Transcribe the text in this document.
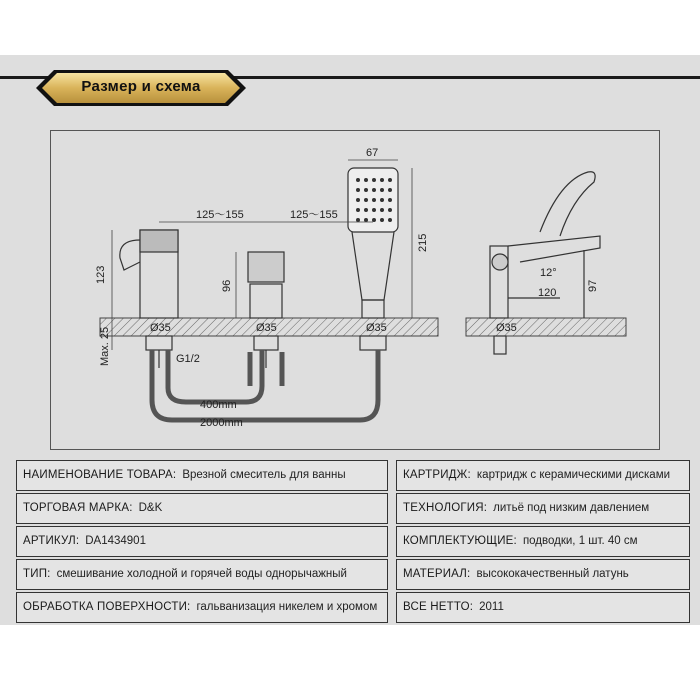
Размер и схема
67
125～155	125～155
215
123
96
Max. 25	Ø35	Ø35	Ø35	Ø35
G1/2
400mm
2000mm
12°
120
97
НАИМЕНОВАНИЕ ТОВАРА: Врезной смеситель для ванны
ТОРГОВАЯ МАРКА: D&K
АРТИКУЛ: DA1434901
ТИП: смешивание холодной и горячей воды однорычажный
ОБРАБОТКА ПОВЕРХНОСТИ: гальванизация никелем и хромом
КАРТРИДЖ: картридж с керамическими дисками
ТЕХНОЛОГИЯ: литьё под низким давлением
КОМПЛЕКТУЮЩИЕ: подводки, 1 шт. 40 см
МАТЕРИАЛ: высококачественный латунь
ВСЕ НЕТТО: 2011
